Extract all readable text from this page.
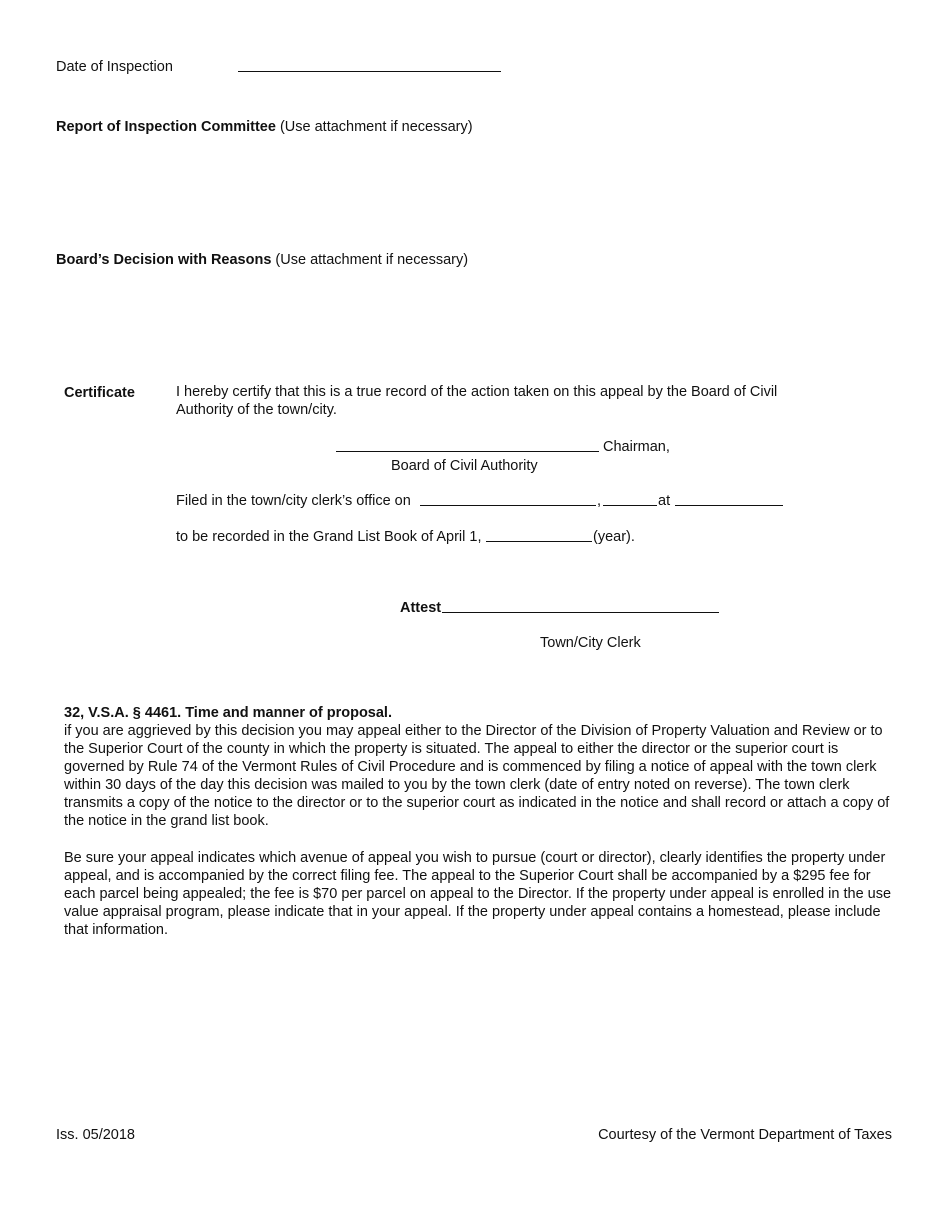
Date of Inspection
Report of Inspection Committee (Use attachment if necessary)
Board’s Decision with Reasons (Use attachment if necessary)
Certificate	I hereby certify that this is a true record of the action taken on this appeal by the Board of Civil Authority of the town/city.
Chairman,
Board of Civil Authority
Filed in the town/city clerk’s office on	,	at
to be recorded in the Grand List Book of April 1,	(year).
Attest
Town/City Clerk
32, V.S.A. § 4461. Time and manner of proposal.
if you are aggrieved by this decision you may appeal either to the Director of the Division of Property Valuation and Review or to the Superior Court of the county in which the property is situated. The appeal to either the director or the superior court is governed by Rule 74 of the Vermont Rules of Civil Procedure and is commenced by filing a notice of appeal with the town clerk within 30 days of the day this decision was mailed to you by the town clerk (date of entry noted on reverse). The town clerk transmits a copy of the notice to the director or to the superior court as indicated in the notice and shall record or attach a copy of the notice in the grand list book.
Be sure your appeal indicates which avenue of appeal you wish to pursue (court or director), clearly identifies the property under appeal, and is accompanied by the correct filing fee. The appeal to the Superior Court shall be accompanied by a $295 fee for each parcel being appealed; the fee is $70 per parcel on appeal to the Director. If the property under appeal is enrolled in the use value appraisal program, please indicate that in your appeal. If the property under appeal contains a homestead, please include that information.
Iss. 05/2018	Courtesy of the Vermont Department of Taxes
